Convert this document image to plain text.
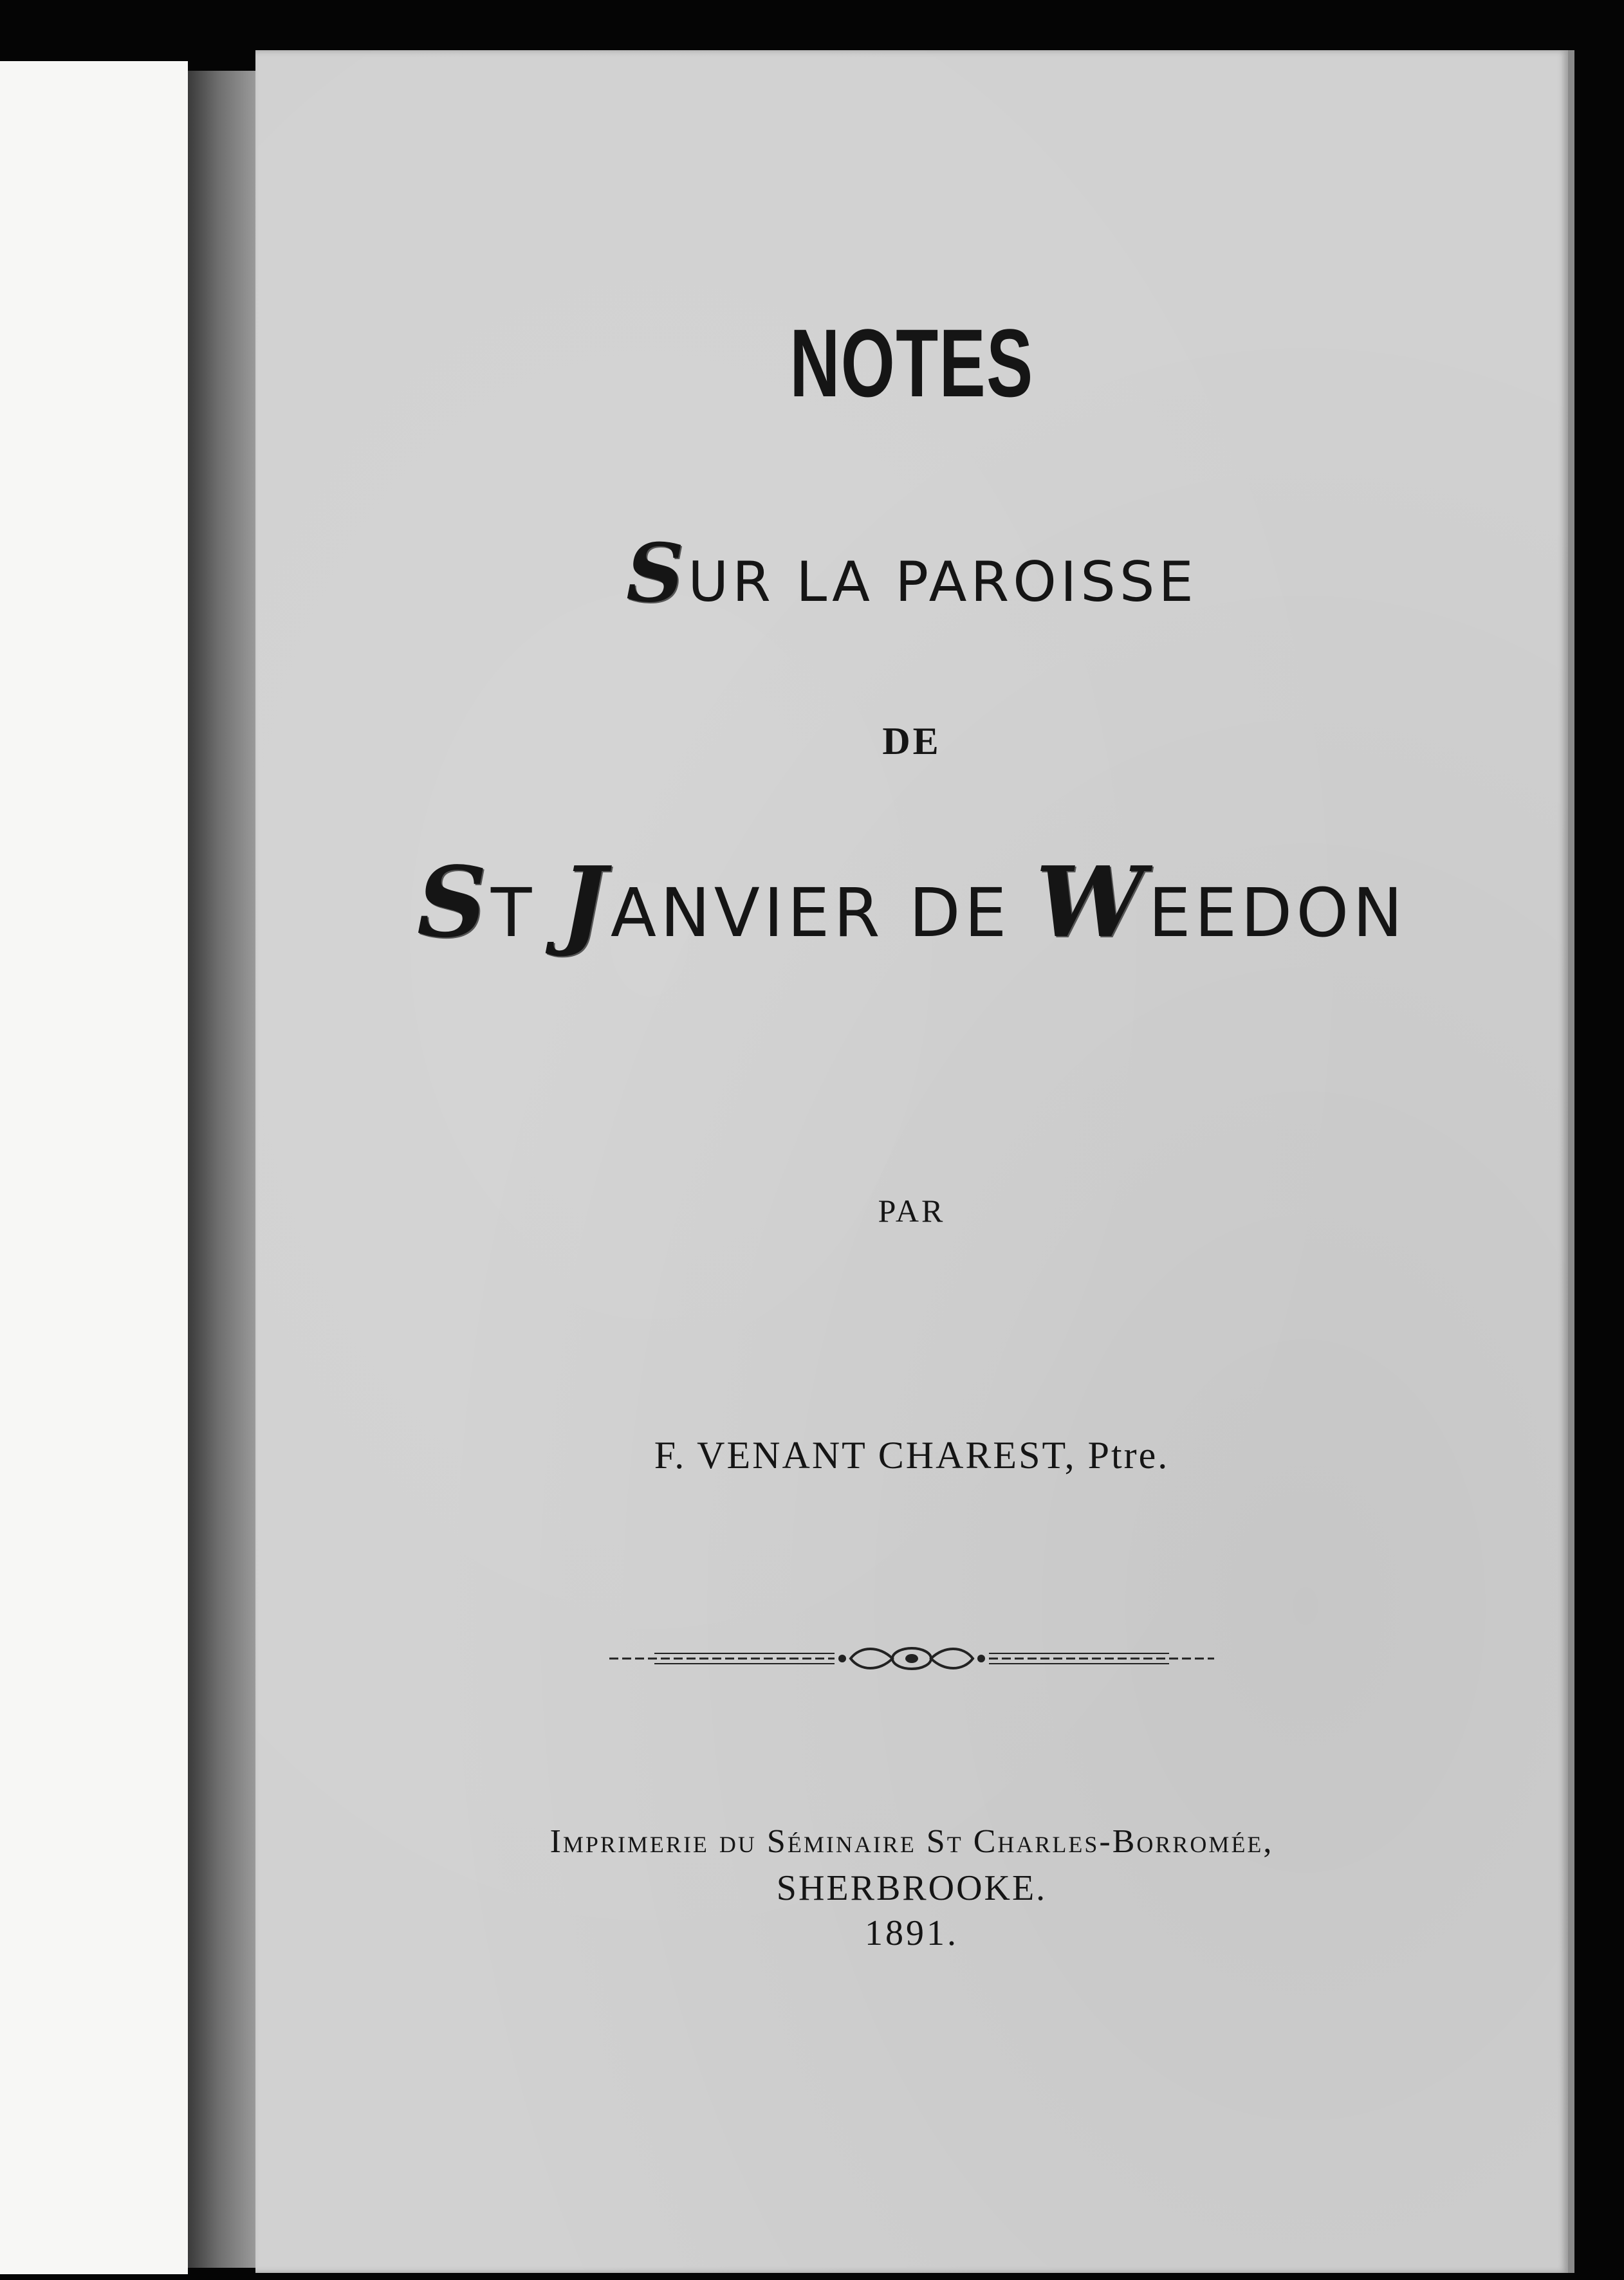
NOTES
SUR LA PAROISSE
DE
ST JANVIER DE WEEDON
PAR
F. VENANT CHAREST, Ptre.
Imprimerie du Séminaire St Charles-Borromée,
SHERBROOKE.
1891.
